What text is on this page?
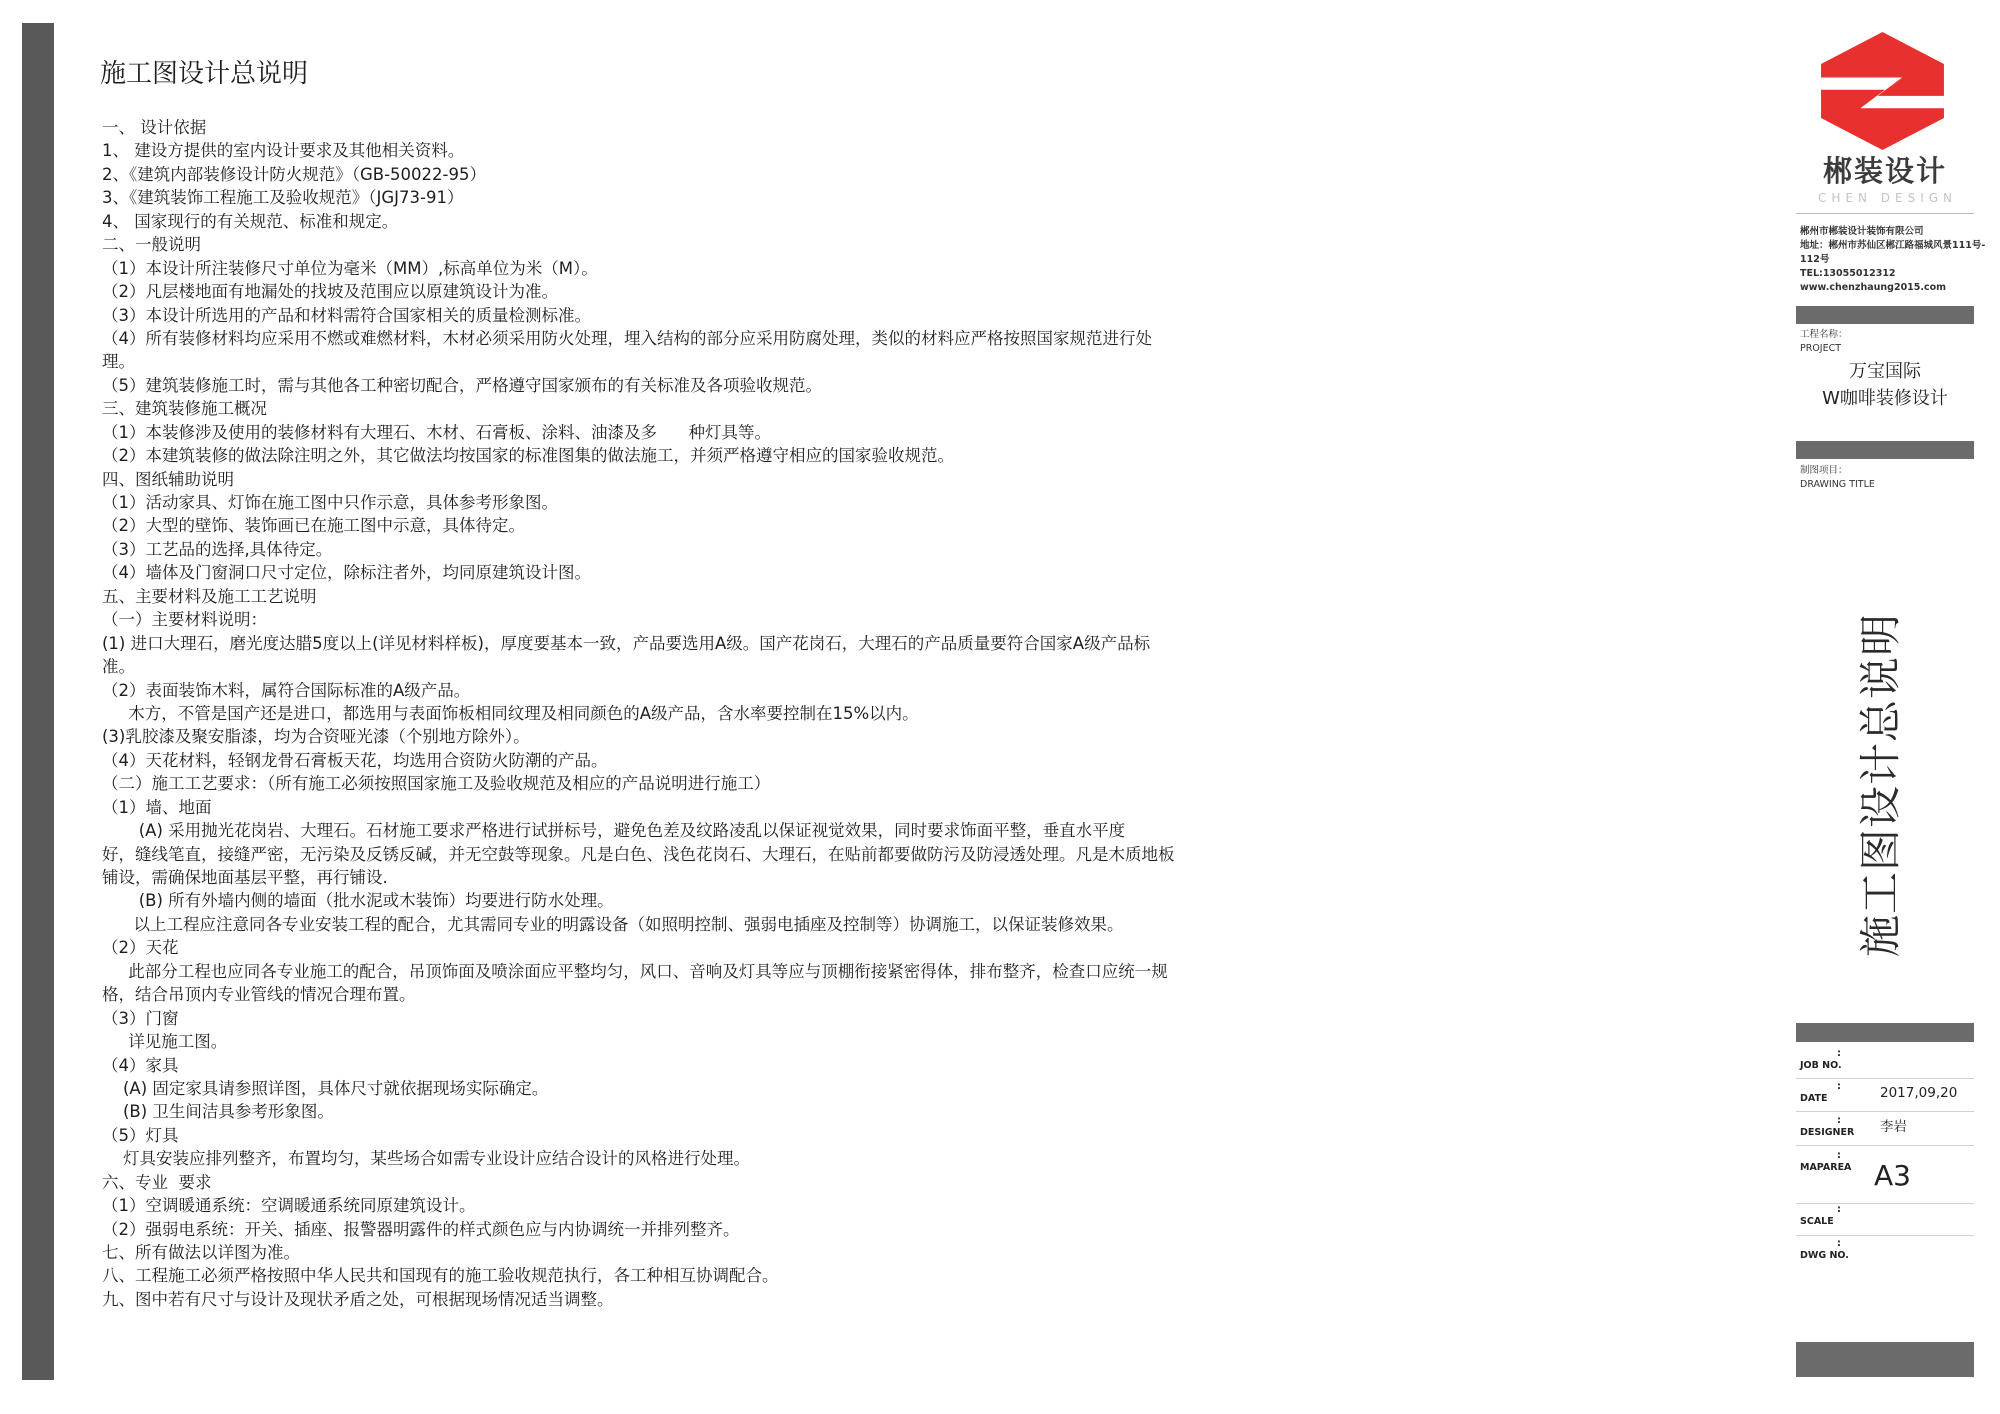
施工图设计总说明
一、 设计依据
1、 建设方提供的室内设计要求及其他相关资料。
2、《建筑内部装修设计防火规范》（GB-50022-95）
3、《建筑装饰工程施工及验收规范》（JGJ73-91）
4、 国家现行的有关规范、标准和规定。
二、一般说明
（1）本设计所注装修尺寸单位为毫米（MM）,标高单位为米（M）。
（2）凡层楼地面有地漏处的找坡及范围应以原建筑设计为准。
（3）本设计所选用的产品和材料需符合国家相关的质量检测标准。
（4）所有装修材料均应采用不燃或难燃材料，木材必须采用防火处理，埋入结构的部分应采用防腐处理，类似的材料应严格按照国家规范进行处
理。
（5）建筑装修施工时，需与其他各工种密切配合，严格遵守国家颁布的有关标准及各项验收规范。
三、建筑装修施工概况
（1）本装修涉及使用的装修材料有大理石、木材、石膏板、涂料、油漆及多      种灯具等。
（2）本建筑装修的做法除注明之外，其它做法均按国家的标准图集的做法施工，并须严格遵守相应的国家验收规范。
四、图纸辅助说明
（1）活动家具、灯饰在施工图中只作示意，具体参考形象图。
（2）大型的壁饰、装饰画已在施工图中示意，具体待定。
（3）工艺品的选择,具体待定。
（4）墙体及门窗洞口尺寸定位，除标注者外，均同原建筑设计图。
五、主要材料及施工工艺说明
（一）主要材料说明：
(1) 进口大理石，磨光度达腊5度以上(详见材料样板)，厚度要基本一致，产品要选用A级。国产花岗石，大理石的产品质量要符合国家A级产品标
准。
（2）表面装饰木料，属符合国际标准的A级产品。
木方，不管是国产还是进口，都选用与表面饰板相同纹理及相同颜色的A级产品，含水率要控制在15%以内。
(3)乳胶漆及聚安脂漆，均为合资哑光漆（个别地方除外）。
（4）天花材料，轻钢龙骨石膏板天花，均选用合资防火防潮的产品。
（二）施工工艺要求：（所有施工必须按照国家施工及验收规范及相应的产品说明进行施工）
（1）墙、地面
(A) 采用抛光花岗岩、大理石。石材施工要求严格进行试拼标号，避免色差及纹路凌乱以保证视觉效果，同时要求饰面平整，垂直水平度
好，缝线笔直，接缝严密，无污染及反锈反碱，并无空鼓等现象。凡是白色、浅色花岗石、大理石，在贴前都要做防污及防浸透处理。凡是木质地板
铺设，需确保地面基层平整，再行铺设.
(B) 所有外墙内侧的墙面（批水泥或木装饰）均要进行防水处理。
以上工程应注意同各专业安装工程的配合，尤其需同专业的明露设备（如照明控制、强弱电插座及控制等）协调施工，以保证装修效果。
（2）天花
此部分工程也应同各专业施工的配合，吊顶饰面及喷涂面应平整均匀，风口、音响及灯具等应与顶棚衔接紧密得体，排布整齐，检查口应统一规
格，结合吊顶内专业管线的情况合理布置。
（3）门窗
详见施工图。
（4）家具
(A) 固定家具请参照详图，具体尺寸就依据现场实际确定。
(B) 卫生间洁具参考形象图。
（5）灯具
灯具安装应排列整齐，布置均匀，某些场合如需专业设计应结合设计的风格进行处理。
六、专业  要求
（1）空调暖通系统：空调暖通系统同原建筑设计。
（2）强弱电系统：开关、插座、报警器明露件的样式颜色应与内协调统一并排列整齐。
七、所有做法以详图为准。
八、工程施工必须严格按照中华人民共和国现有的施工验收规范执行，各工种相互协调配合。
九、图中若有尺寸与设计及现状矛盾之处，可根据现场情况适当调整。
郴装设计
CHEN DESIGN
郴州市郴装设计装饰有限公司
地址：郴州市苏仙区郴江路福城风景111号-
112号
TEL:13055012312
www.chenzhaung2015.com
工程名称：
PROJECT
万宝国际
W咖啡装修设计
制图项目：
DRAWING TITLE
:
JOB NO.
:
DATE	2017,09,20
:
DESIGNER 李岩
:
MAPAREA A3
:
SCALE
:
DWG NO.
施工图设计总说明
